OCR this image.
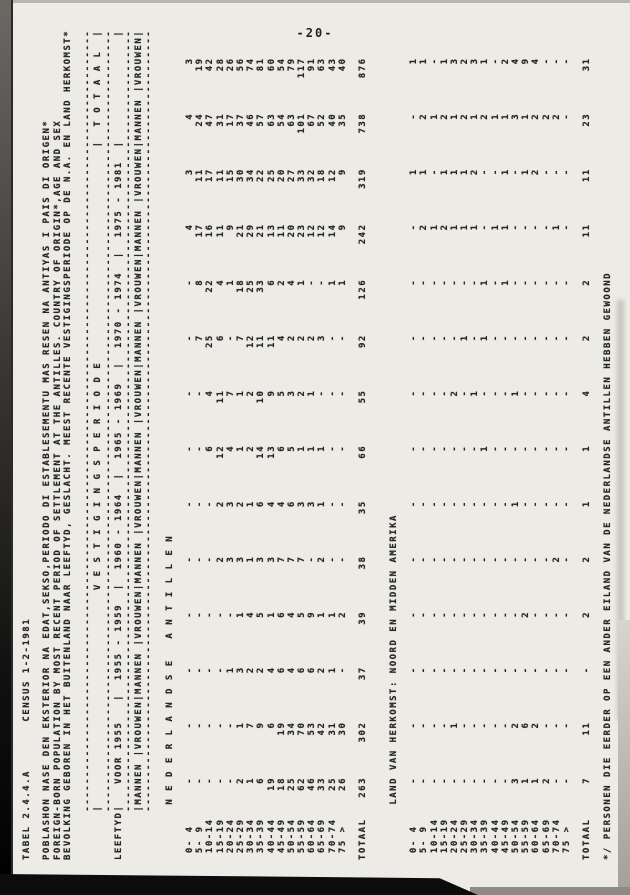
-20-
TABEL 2.4.4.A       CENSUS 1-2-1981 POBLASHON NASE DEN EKSTERIOR NA EDAT,SEKSO,PERIODO DI ESTABLESEMENTU MAS RESEN NA ANTIYAS I PAIS DI ORIGEN* FOREIGN-BORN POPULATION BY MOST RECENT PERIOD OF SETTLEMENT AT THE ANTILLES. COUNTRY OF ORIGIN*,AGE AND SEX BEVOLKING GEBOREN IN HET BUITENLAND NAAR LEEFTYD, GESLACHT. MEEST RECENTE VESTIGINGSPERIODE OP DE N.A. EN LAND HERKOMST* ----------------------------------------------------------------------------------------------------------------- |                               V E S T I G I N G S P E R I O D E                               |  T O T A A L  | ----------------------------------------------------------------------------------------------------------------- LEEFTYD|   VOOR 1955   |  1955 - 1959  |  1960 - 1964  |  1965 - 1969  |  1970 - 1974  |  1975 - 1981  |               | ----------------------------------------------------------------------------------------------------------------- |MANNEN |VROUWEN|MANNEN |VROUWEN|MANNEN |VROUWEN|MANNEN |VROUWEN|MANNEN |VROUWEN|MANNEN |VROUWEN|MANNEN |VROUWEN| ----------------------------------------------------------------------------------------------------------------- N E D E R L A N D S E   A N T I L L E N 0- 4      -       -       -       -       -       -       -       -       -       -       4       3       4       3 5- 9      -       -       -       -       -       -       -       -       7       8      17      11      24      19 10-14     -       -       -       -       -       -       6       4      25      22      16      17      47      42 15-19     -       -       -       -       2       2      12      11       6       4      11      11      31      28 20-24     -       -       1       -       3       3       4       7       -       1       9      15      17      26 25-29     2       1       3       1       3       2       1       1       7      18      21      30      37      56 30-34     1       7       2       4       1       1       2       2      12      25      29      34      46      74 35-39     6       9       2       5       3       6      14      10      11      33      21      22      57      81 40-44    19       6       4       1       3       4      13       9      11       6      13      25      63      60 45-49    18      19       6       6       7       4       6       5       4       2      11      20      54      54 50-54    25      34       4       4       7       6       5       3       2       4      20      27      63      79 55-59    62      70       6       5       7       3       1       2       2       1      23      33     101     117 60-64    46      53       6       9       -       3       1       1       2       -      12      32      67      91 65-69    33      42       2       1       2       1       1       -       3       -      12      18      52      63 70-74    25      31       1       1       -       -       -       -       -       1      14      12      40      43 75 >     26      30       -       2       -       -       -       -       -       1       9       9      35      40 TOTAAL   263     302      37      39      38      35      66      55      92     126     242     319     738     876 LAND VAN HERKOMST: NOORD EN MIDDEN AMERIKA 0- 4      -       -       -       -       -       -       -       -       -       -       -       1       -       1 5- 9      -       -       -       -       -       -       -       -       -       -       2       1       2       1 10-14     -       -       -       -       -       -       -       -       -       -       1       -       1       - 15-19     -       -       -       -       -       -       -       -       -       -       2       1       2       1 20-24     -       1       -       -       -       -       -       2       -       -       1       1       1       3 25-29     -       -       -       -       -       -       -       -       1       -       1       1       2       2 30-34     -       -       -       -       -       -       -       1       -       -       1       2       1       3 35-39     -       -       -       -       -       -       1       -       1       1       -       -       2       1 40-44     -       -       -       -       -       -       -       -       -       -       1       -       1       - 45-49     -       -       -       -       -       -       -       -       -       1       1       1       1       2 50-54     3       2       -       -       -       1       -       1       -       -       -       -       3       4 55-59     1       6       -       2       -       -       -       -       -       -       -       1       1       9 60-64     1       2       -       -       -       -       -       -       -       -       -       2       2       4 65-69     2       -       -       -       -       -       -       -       -       -       -       -       2       - 70-74     -       -       -       -       2       -       -       -       -       -       1       -       2       - 75 >      -       -       -       -       -       -       -       -       -       -       -       -       -       - TOTAAL     7      11       -       2       2       1       1       4       2       2      11      11      23      31 */ PERSONEN DIE EERDER OP EEN ANDER EILAND VAN DE NEDERLANDSE ANTILLEN HEBBEN GEWOOND
